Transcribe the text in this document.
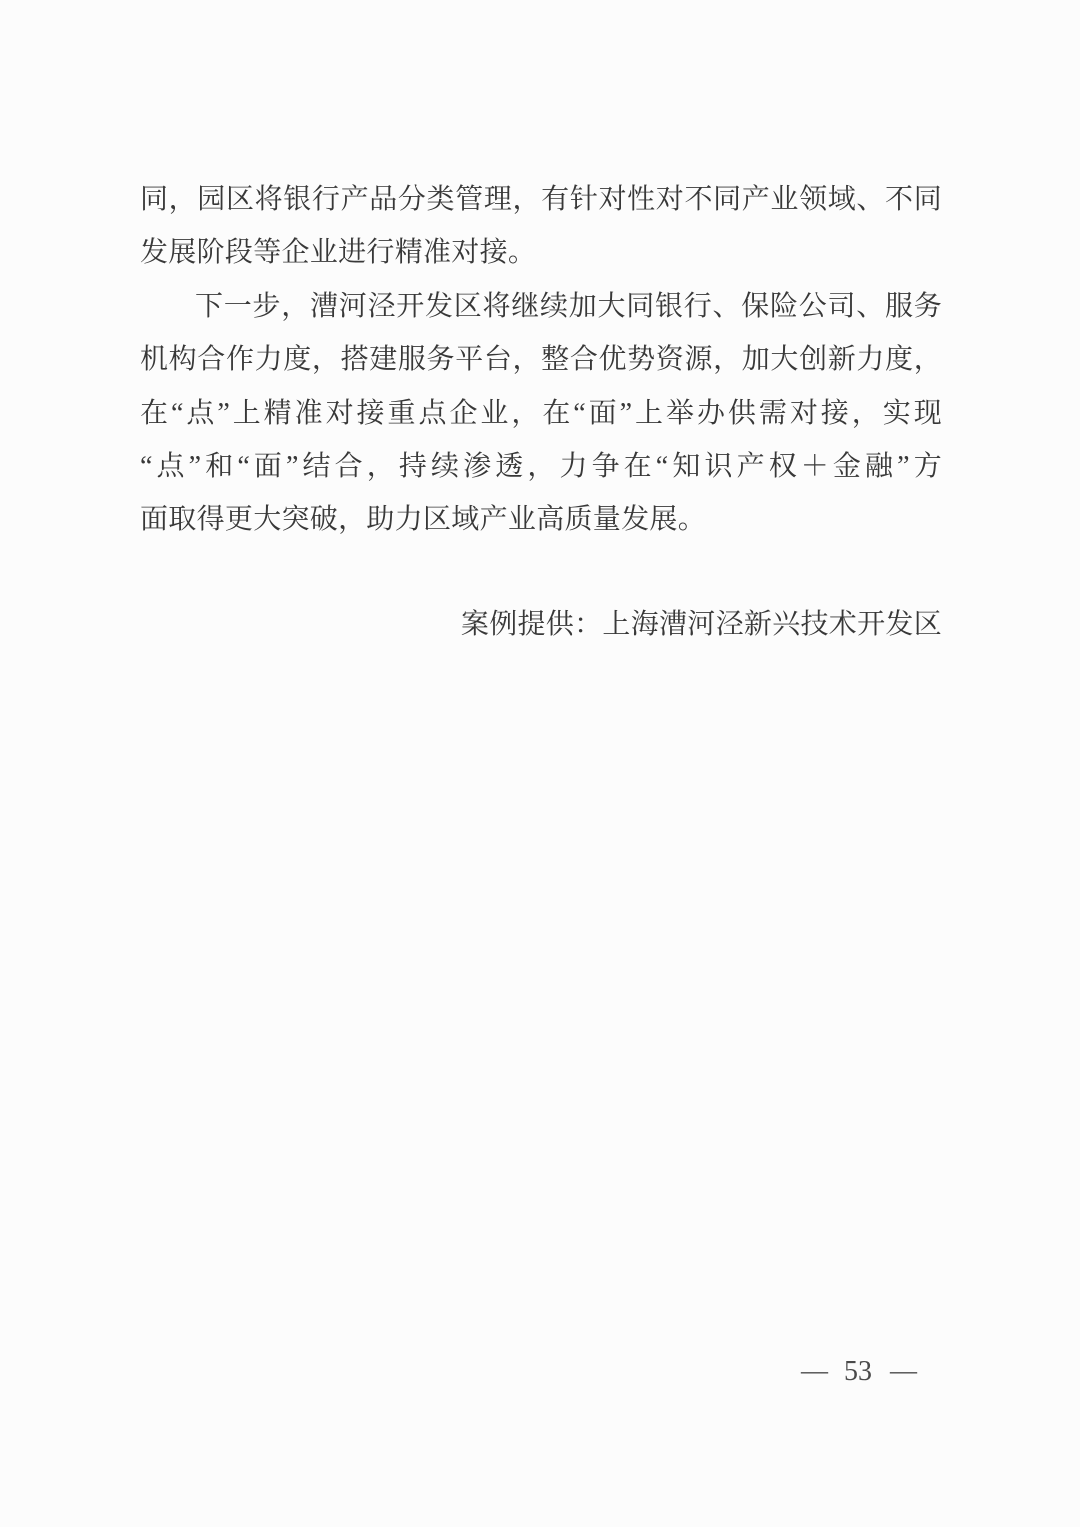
同，园区将银行产品分类管理，有针对性对不同产业领域、不同
发展阶段等企业进行精准对接。
下一步，漕河泾开发区将继续加大同银行、保险公司、服务
机构合作力度，搭建服务平台，整合优势资源，加大创新力度，
在“点”上精准对接重点企业，在“面”上举办供需对接，实现
“点”和“面”结合，持续渗透，力争在“知识产权＋金融”方
面取得更大突破，助力区域产业高质量发展。
案例提供：上海漕河泾新兴技术开发区
— 53 —
